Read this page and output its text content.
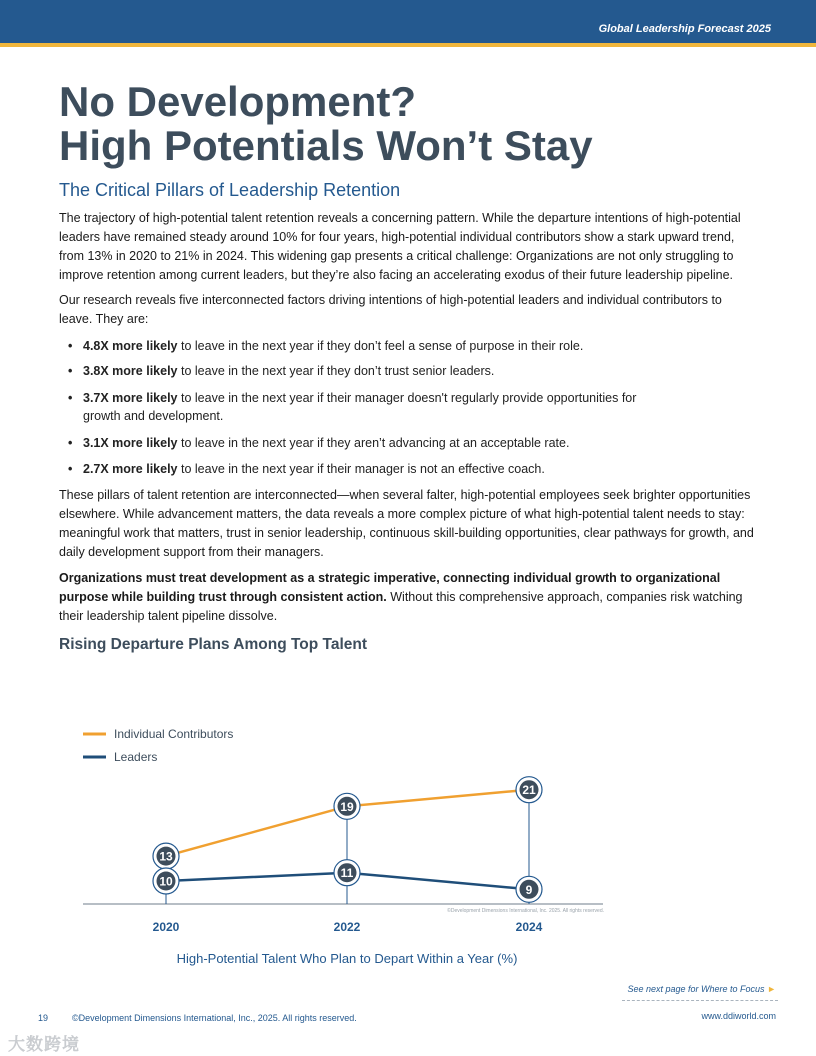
Global Leadership Forecast 2025
No Development?
High Potentials Won’t Stay
The Critical Pillars of Leadership Retention

The trajectory of high-potential talent retention reveals a concerning pattern. While the departure intentions of high-potential leaders have remained steady around 10% for four years, high-potential individual contributors show a stark upward trend, from 13% in 2020 to 21% in 2024. This widening gap presents a critical challenge: Organizations are not only struggling to improve retention among current leaders, but they’re also facing an accelerating exodus of their future leadership pipeline.

Our research reveals five interconnected factors driving intentions of high-potential leaders and individual contributors to leave. They are:

• 4.8X more likely to leave in the next year if they don’t feel a sense of purpose in their role.
• 3.8X more likely to leave in the next year if they don’t trust senior leaders.
• 3.7X more likely to leave in the next year if their manager doesn't regularly provide opportunities for growth and development.
• 3.1X more likely to leave in the next year if they aren’t advancing at an acceptable rate.
• 2.7X more likely to leave in the next year if their manager is not an effective coach.

These pillars of talent retention are interconnected—when several falter, high-potential employees seek brighter opportunities elsewhere. While advancement matters, the data reveals a more complex picture of what high-potential talent needs to stay: meaningful work that matters, trust in senior leadership, continuous skill-building opportunities, clear pathways for growth, and daily development support from their managers.

Organizations must treat development as a strategic imperative, connecting individual growth to organizational purpose while building trust through consistent action. Without this comprehensive approach, companies risk watching their leadership talent pipeline dissolve.

Rising Departure Plans Among Top Talent
Individual Contributors
Leaders
13
19
21
10
11
9
2020	2022	2024
©Development Dimensions International, Inc. 2025. All rights reserved.
High-Potential Talent Who Plan to Depart Within a Year (%)
See next page for Where to Focus ►
19	©Development Dimensions International, Inc., 2025. All rights reserved.	www.ddiworld.com
大数跨境
